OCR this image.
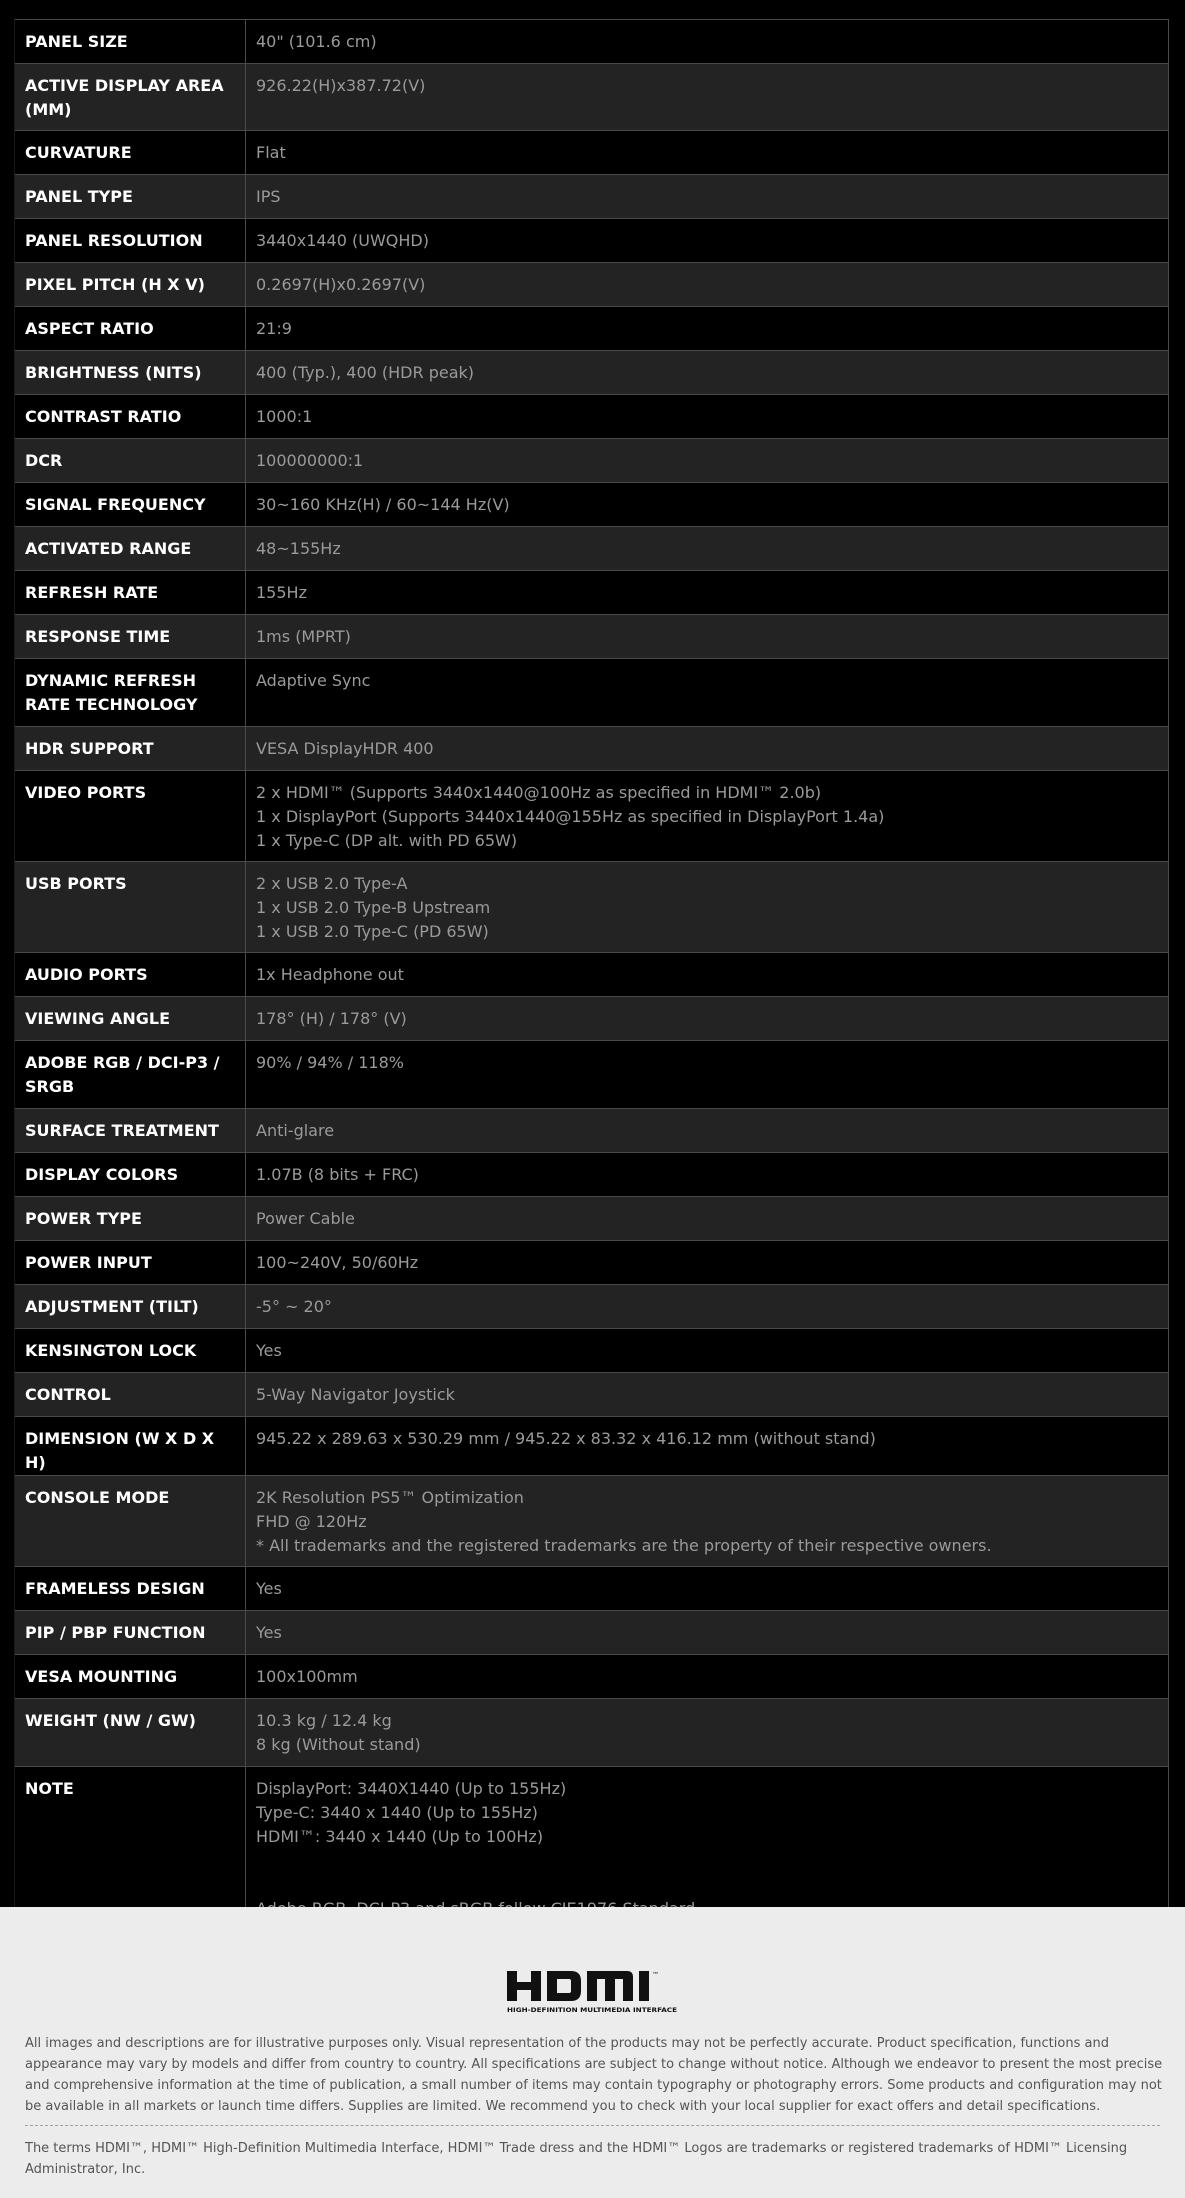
PANEL SIZE	40" (101.6 cm)

ACTIVE DISPLAY AREA (MM)	926.22(H)x387.72(V)

CURVATURE	Flat

PANEL TYPE	IPS

PANEL RESOLUTION	3440x1440 (UWQHD)

PIXEL PITCH (H X V)	0.2697(H)x0.2697(V)

ASPECT RATIO	21:9

BRIGHTNESS (NITS)	400 (Typ.), 400 (HDR peak)

CONTRAST RATIO	1000:1

DCR	100000000:1

SIGNAL FREQUENCY	30~160 KHz(H) / 60~144 Hz(V)

ACTIVATED RANGE	48~155Hz

REFRESH RATE	155Hz

RESPONSE TIME	1ms (MPRT)

DYNAMIC REFRESH RATE TECHNOLOGY	Adaptive Sync

HDR SUPPORT	VESA DisplayHDR 400

VIDEO PORTS	2 x HDMI™ (Supports 3440x1440@100Hz as specified in HDMI™ 2.0b)
1 x DisplayPort (Supports 3440x1440@155Hz as specified in DisplayPort 1.4a)
1 x Type-C (DP alt. with PD 65W)

USB PORTS	2 x USB 2.0 Type-A
1 x USB 2.0 Type-B Upstream
1 x USB 2.0 Type-C (PD 65W)

AUDIO PORTS	1x Headphone out

VIEWING ANGLE	178° (H) / 178° (V)

ADOBE RGB / DCI-P3 / SRGB	90% / 94% / 118%

SURFACE TREATMENT	Anti-glare

DISPLAY COLORS	1.07B (8 bits + FRC)

POWER TYPE	Power Cable

POWER INPUT	100~240V, 50/60Hz

ADJUSTMENT (TILT)	-5° ~ 20°

KENSINGTON LOCK	Yes

CONTROL	5-Way Navigator Joystick

DIMENSION (W X D X H)	945.22 x 289.63 x 530.29 mm / 945.22 x 83.32 x 416.12 mm (without stand)

CONSOLE MODE	2K Resolution PS5™ Optimization
FHD @ 120Hz
* All trademarks and the registered trademarks are the property of their respective owners.

FRAMELESS DESIGN	Yes

PIP / PBP FUNCTION	Yes

VESA MOUNTING	100x100mm

WEIGHT (NW / GW)	10.3 kg / 12.4 kg
8 kg (Without stand)

NOTE	DisplayPort: 3440X1440 (Up to 155Hz)
Type-C: 3440 x 1440 (Up to 155Hz)
HDMI™: 3440 x 1440 (Up to 100Hz)
™
HIGH-DEFINITION MULTIMEDIA INTERFACE
All images and descriptions are for illustrative purposes only. Visual representation of the products may not be perfectly accurate. Product specification, functions and appearance may vary by models and differ from country to country. All specifications are subject to change without notice. Although we endeavor to present the most precise and comprehensive information at the time of publication, a small number of items may contain typography or photography errors. Some products and configuration may not be available in all markets or launch time differs. Supplies are limited. We recommend you to check with your local supplier for exact offers and detail specifications.
The terms HDMI™, HDMI™ High-Definition Multimedia Interface, HDMI™ Trade dress and the HDMI™ Logos are trademarks or registered trademarks of HDMI™ Licensing Administrator, Inc.
